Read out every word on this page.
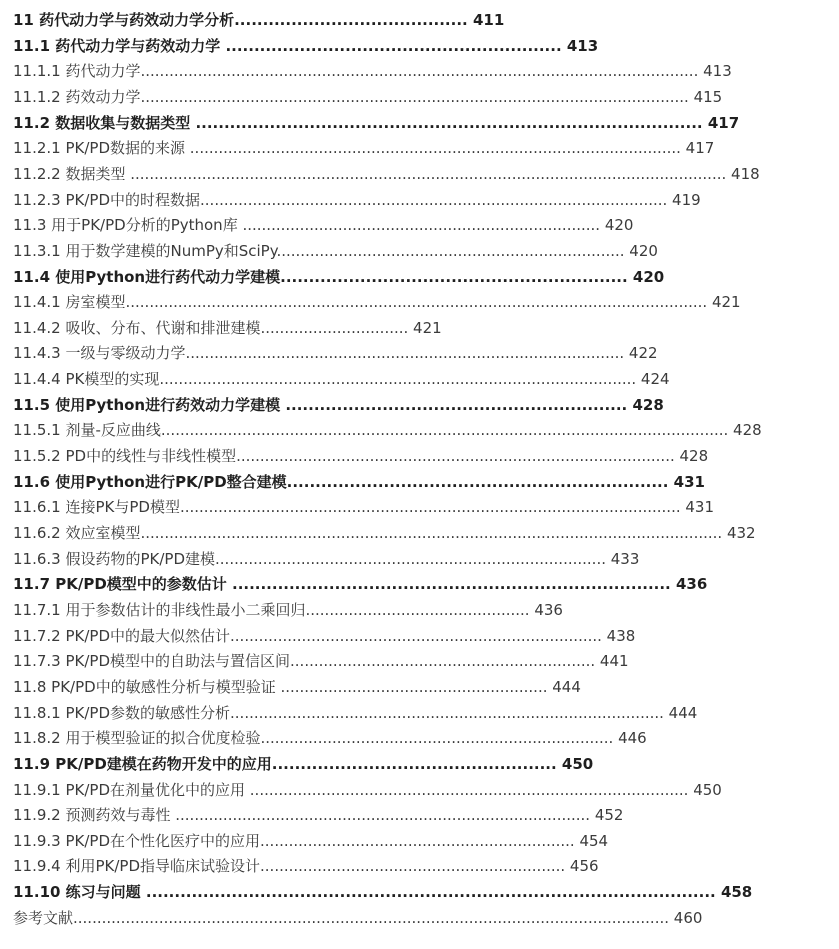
11 药代动力学与药效动力学分析......................................... 411
11.1 药代动力学与药效动力学 ........................................................... 413
11.1.1 药代动力学..................................................................................................................... 413
11.1.2 药效动力学................................................................................................................... 415
11.2 数据收集与数据类型 ......................................................................................... 417
11.2.1 PK/PD数据的来源 ....................................................................................................... 417
11.2.2 数据类型 ............................................................................................................................. 418
11.2.3 PK/PD中的时程数据.................................................................................................. 419
11.3 用于PK/PD分析的Python库 ........................................................................... 420
11.3.1 用于数学建模的NumPy和SciPy......................................................................... 420
11.4 使用Python进行药代动力学建模............................................................. 420
11.4.1 房室模型.......................................................................................................................... 421
11.4.2 吸收、分布、代谢和排泄建模............................... 421
11.4.3 一级与零级动力学............................................................................................ 422
11.4.4 PK模型的实现.................................................................................................... 424
11.5 使用Python进行药效动力学建模 ............................................................ 428
11.5.1 剂量-反应曲线....................................................................................................................... 428
11.5.2 PD中的线性与非线性模型............................................................................................ 428
11.6 使用Python进行PK/PD整合建模................................................................... 431
11.6.1 连接PK与PD模型......................................................................................................... 431
11.6.2 效应室模型.......................................................................................................................... 432
11.6.3 假设药物的PK/PD建模.................................................................................. 433
11.7 PK/PD模型中的参数估计 ............................................................................. 436
11.7.1 用于参数估计的非线性最小二乘回归............................................... 436
11.7.2 PK/PD中的最大似然估计.............................................................................. 438
11.7.3 PK/PD模型中的自助法与置信区间................................................................ 441
11.8 PK/PD中的敏感性分析与模型验证 ........................................................ 444
11.8.1 PK/PD参数的敏感性分析........................................................................................... 444
11.8.2 用于模型验证的拟合优度检验.......................................................................... 446
11.9 PK/PD建模在药物开发中的应用.................................................. 450
11.9.1 PK/PD在剂量优化中的应用 ............................................................................................ 450
11.9.2 预测药效与毒性 ....................................................................................... 452
11.9.3 PK/PD在个性化医疗中的应用.................................................................. 454
11.9.4 利用PK/PD指导临床试验设计................................................................ 456
11.10 练习与问题 .................................................................................................... 458
参考文献............................................................................................................................. 460
